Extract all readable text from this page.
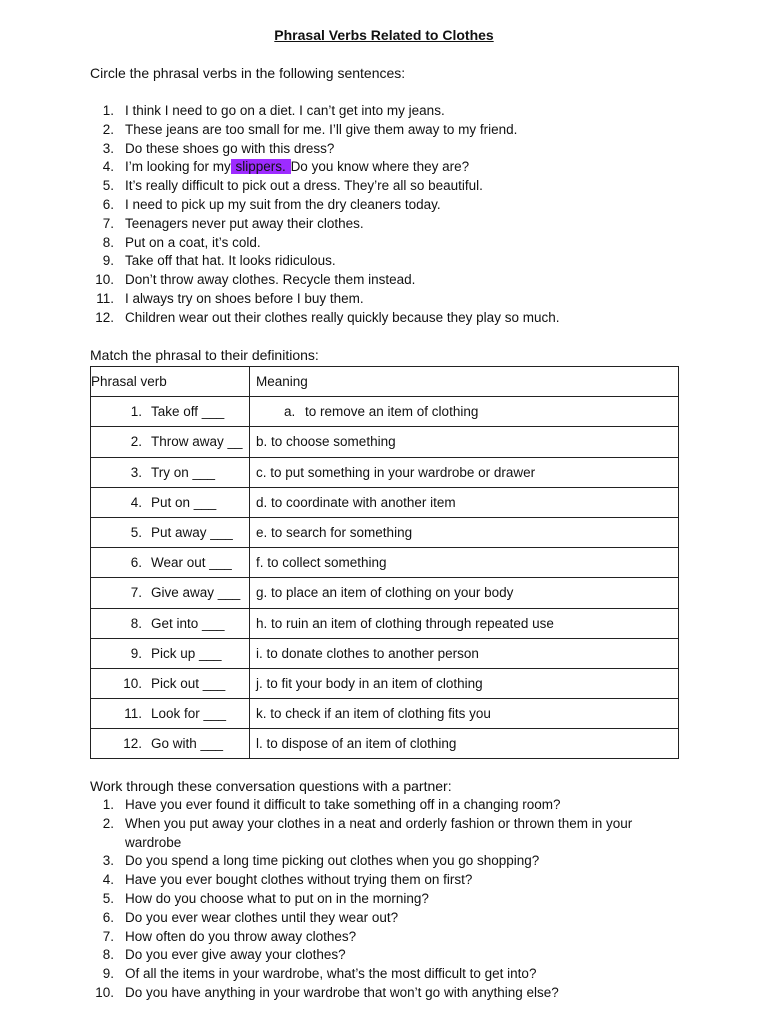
Phrasal Verbs Related to Clothes
Circle the phrasal verbs in the following sentences:
1. I think I need to go on a diet. I can’t get into my jeans.
2. These jeans are too small for me. I’ll give them away to my friend.
3. Do these shoes go with this dress?
4. I’m looking for my slippers. Do you know where they are?
5. It’s really difficult to pick out a dress. They’re all so beautiful.
6. I need to pick up my suit from the dry cleaners today.
7. Teenagers never put away their clothes.
8. Put on a coat, it’s cold.
9. Take off that hat. It looks ridiculous.
10. Don’t throw away clothes. Recycle them instead.
11. I always try on shoes before I buy them.
12. Children wear out their clothes really quickly because they play so much.
Match the phrasal to their definitions:
Phrasal verb	Meaning
1. Take off ___	a. to remove an item of clothing
2. Throw away __	b. to choose something
3. Try on ___	c. to put something in your wardrobe or drawer
4. Put on ___	d. to coordinate with another item
5. Put away ___	e. to search for something
6. Wear out ___	f. to collect something
7. Give away ___	g. to place an item of clothing on your body
8. Get into ___	h. to ruin an item of clothing through repeated use
9. Pick up ___	i. to donate clothes to another person
10. Pick out ___	j. to fit your body in an item of clothing
11. Look for ___	k. to check if an item of clothing fits you
12. Go with ___	l. to dispose of an item of clothing
Work through these conversation questions with a partner:
1. Have you ever found it difficult to take something off in a changing room?
2. When you put away your clothes in a neat and orderly fashion or thrown them in your wardrobe
3. Do you spend a long time picking out clothes when you go shopping?
4. Have you ever bought clothes without trying them on first?
5. How do you choose what to put on in the morning?
6. Do you ever wear clothes until they wear out?
7. How often do you throw away clothes?
8. Do you ever give away your clothes?
9. Of all the items in your wardrobe, what’s the most difficult to get into?
10. Do you have anything in your wardrobe that won’t go with anything else?
